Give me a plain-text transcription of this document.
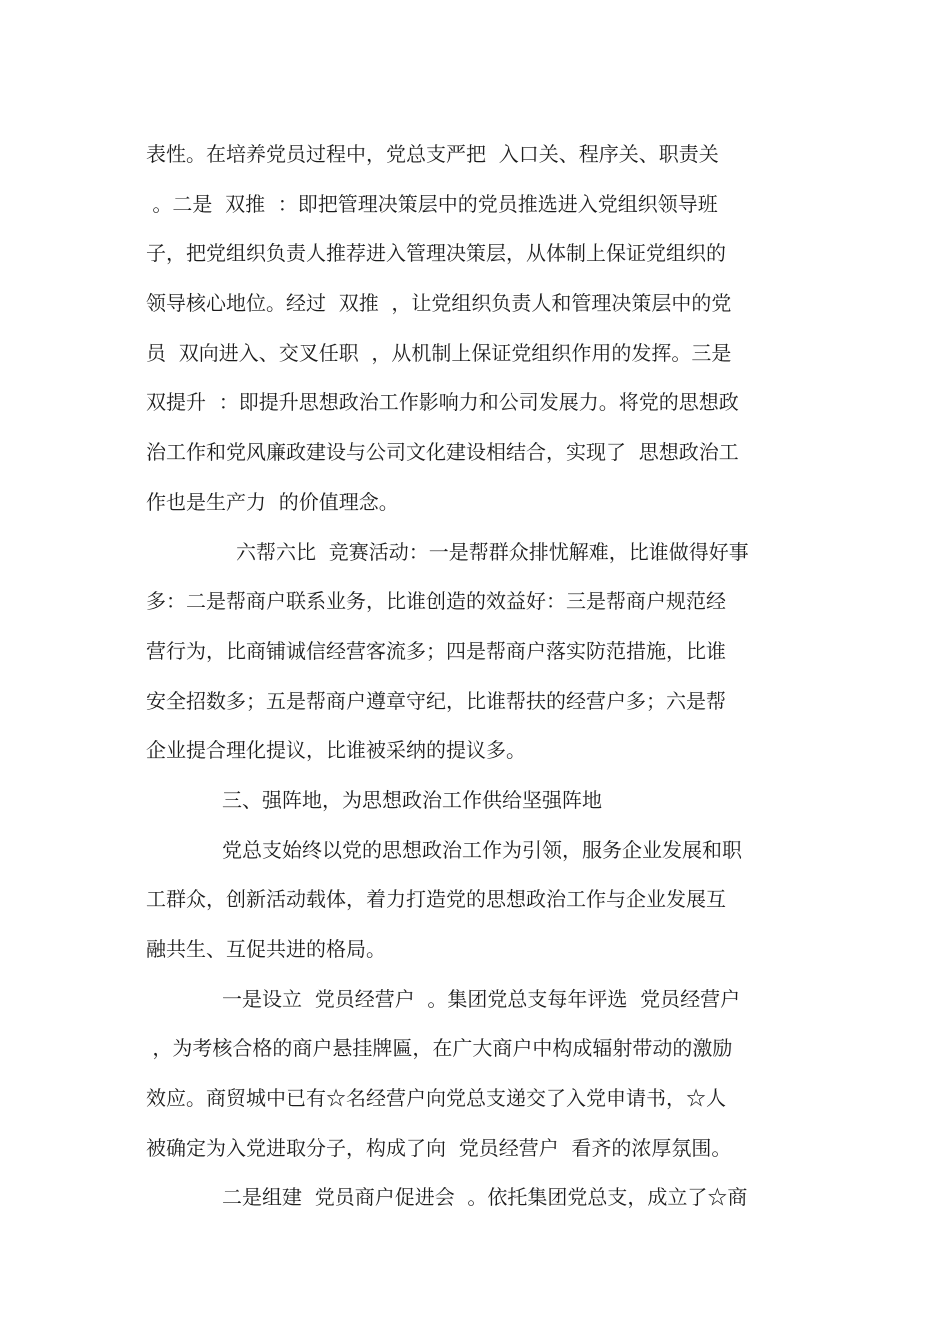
表性。在培养党员过程中，党总支严把  入口关、程序关、职责关
。二是  双推  ：即把管理决策层中的党员推选进入党组织领导班
子，把党组织负责人推荐进入管理决策层，从体制上保证党组织的
领导核心地位。经过  双推  ，让党组织负责人和管理决策层中的党
员  双向进入、交叉任职  ，从机制上保证党组织作用的发挥。三是
双提升  ：即提升思想政治工作影响力和公司发展力。将党的思想政
治工作和党风廉政建设与公司文化建设相结合，实现了  思想政治工
作也是生产力  的价值理念。
六帮六比  竞赛活动：一是帮群众排忧解难，比谁做得好事
多：二是帮商户联系业务，比谁创造的效益好：三是帮商户规范经
营行为，比商铺诚信经营客流多；四是帮商户落实防范措施，比谁
安全招数多；五是帮商户遵章守纪，比谁帮扶的经营户多；六是帮
企业提合理化提议，比谁被采纳的提议多。
三、强阵地，为思想政治工作供给坚强阵地
党总支始终以党的思想政治工作为引领，服务企业发展和职
工群众，创新活动载体，着力打造党的思想政治工作与企业发展互
融共生、互促共进的格局。
一是设立  党员经营户  。集团党总支每年评选  党员经营户
，为考核合格的商户悬挂牌匾，在广大商户中构成辐射带动的激励
效应。商贸城中已有☆名经营户向党总支递交了入党申请书，☆人
被确定为入党进取分子，构成了向  党员经营户  看齐的浓厚氛围。
二是组建  党员商户促进会  。依托集团党总支，成立了☆商
